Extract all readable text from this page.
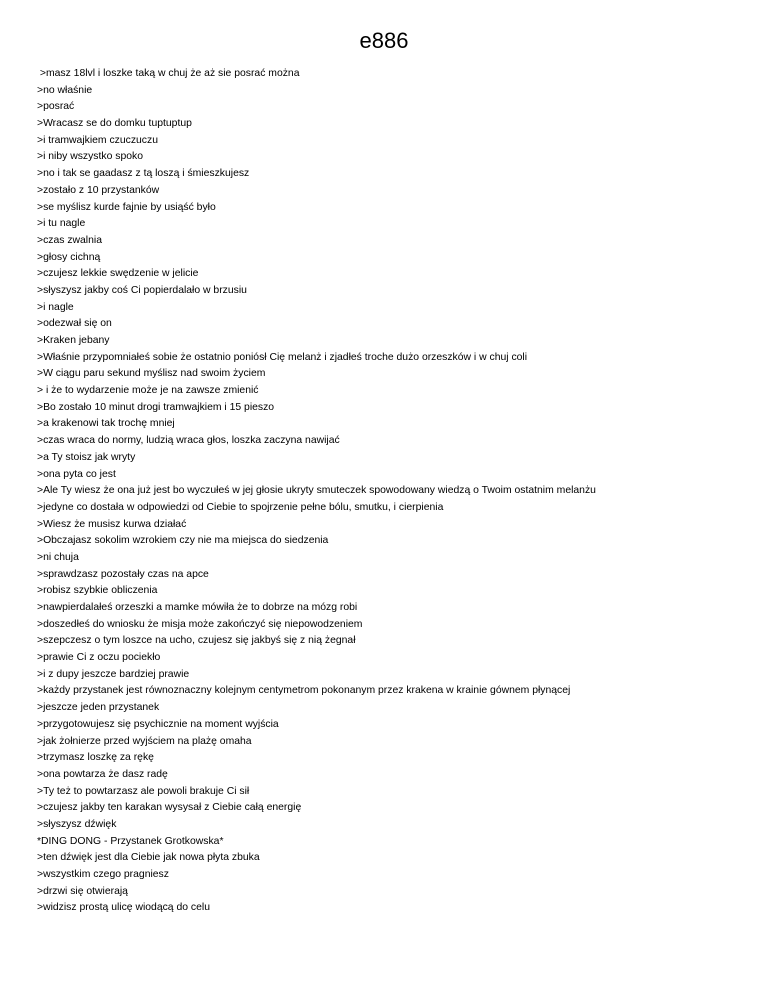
e886
>masz 18lvl i loszke taką w chuj że aż sie posrać można
>no właśnie
>posrać
>Wracasz se do domku tuptuptup
>i tramwajkiem czuczuczu
>i niby wszystko spoko
>no i tak se gaadasz z tą loszą i śmieszkujesz
>zostało z 10 przystanków
>se myślisz kurde fajnie by usiąść było
>i tu nagle
>czas zwalnia
>głosy cichną
>czujesz lekkie swędzenie w jelicie
>słyszysz jakby coś Ci popierdalało w brzusiu
>i nagle
>odezwał się on
>Kraken jebany
>Właśnie przypomniałeś sobie że ostatnio poniósł Cię melanż i zjadłeś troche dużo orzeszków i w chuj coli
>W ciągu paru sekund myślisz nad swoim życiem
> i że to wydarzenie może je na zawsze zmienić
>Bo zostało 10 minut drogi tramwajkiem i 15 pieszo
>a krakenowi tak trochę mniej
>czas wraca do normy, ludzią wraca głos, loszka zaczyna nawijać
>a Ty stoisz jak wryty
>ona pyta co jest
>Ale Ty wiesz że ona już jest bo wyczułeś w jej głosie ukryty smuteczek spowodowany wiedzą o Twoim ostatnim melanżu
>jedyne co dostała w odpowiedzi od Ciebie to spojrzenie pełne bólu, smutku, i cierpienia
>Wiesz że musisz kurwa działać
>Obczajasz sokolim wzrokiem czy nie ma miejsca do siedzenia
>ni chuja
>sprawdzasz pozostały czas na apce
>robisz szybkie obliczenia
>nawpierdalałeś orzeszki a mamke mówiła że to dobrze na mózg robi
>doszedłeś do wniosku że misja może zakończyć się niepowodzeniem
>szepczesz o tym loszce na ucho, czujesz się jakbyś się z nią żegnał
>prawie Ci z oczu pociekło
>i z dupy jeszcze bardziej prawie
>każdy przystanek jest równoznaczny kolejnym centymetrom pokonanym przez krakena w krainie gównem płynącej
>jeszcze jeden przystanek
>przygotowujesz się psychicznie na moment wyjścia
>jak żołnierze przed wyjściem na plażę omaha
>trzymasz loszkę za rękę
>ona powtarza że dasz radę
>Ty też to powtarzasz ale powoli brakuje Ci sił
>czujesz jakby ten karakan wysysał z Ciebie całą energię
>słyszysz dźwięk
*DING DONG - Przystanek Grotkowska*
>ten dźwięk jest dla Ciebie jak nowa płyta zbuka
>wszystkim czego pragniesz
>drzwi się otwierają
>widzisz prostą ulicę wiodącą do celu
